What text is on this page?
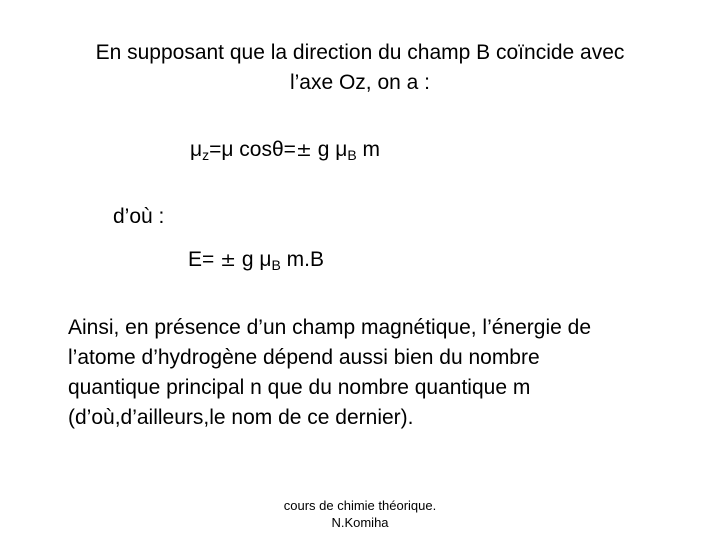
En supposant que la direction du champ B coïncide avec
l’axe Oz, on a :
$\mu_z=\mu$ cosθ=± g $\mu_B$ m
d’où :
E= ± g $\mu_B$ m.B
Ainsi, en présence d’un champ magnétique, l’énergie de
l’atome d’hydrogène dépend aussi bien du nombre
quantique principal n que du nombre quantique m
(d’où,d’ailleurs,le nom de ce dernier).
cours de chimie théorique.
N.Komiha
